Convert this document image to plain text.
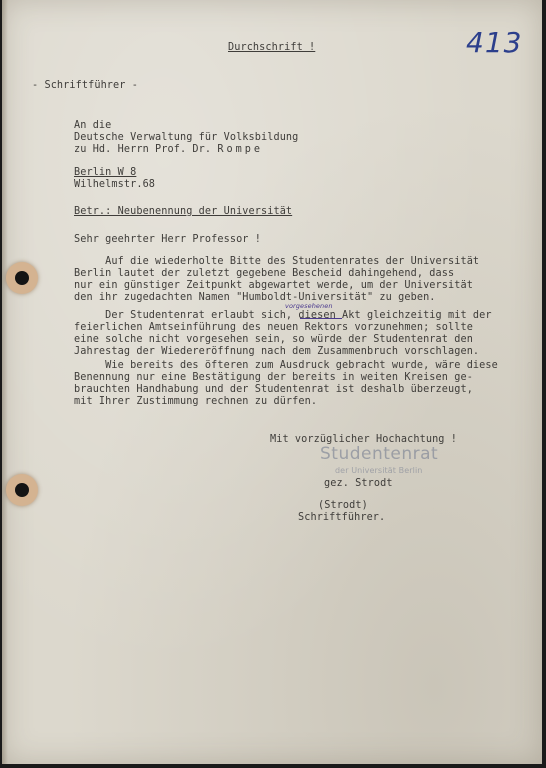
Durchschrift !	413
- Schriftführer -
An die
Deutsche Verwaltung für Volksbildung
zu Hd. Herrn Prof. Dr. Rompe
Berlin W 8
Wilhelmstr.68
Betr.: Neubenennung der Universität
Sehr geehrter Herr Professor !
Auf die wiederholte Bitte des Studentenrates der Universität
Berlin lautet der zuletzt gegebene Bescheid dahingehend, dass
nur ein günstiger Zeitpunkt abgewartet werde, um der Universität
den ihr zugedachten Namen "Humboldt-Universität" zu geben.
vorgesehenen
Der Studentenrat erlaubt sich, diesen Akt gleichzeitig mit der
feierlichen Amtseinführung des neuen Rektors vorzunehmen; sollte
eine solche nicht vorgesehen sein, so würde der Studentenrat den
Jahrestag der Wiedereröffnung nach dem Zusammenbruch vorschlagen.
Wie bereits des öfteren zum Ausdruck gebracht wurde, wäre diese
Benennung nur eine Bestätigung der bereits in weiten Kreisen ge-
brauchten Handhabung und der Studentenrat ist deshalb überzeugt,
mit Ihrer Zustimmung rechnen zu dürfen.
Mit vorzüglicher Hochachtung !
Studentenrat
der Universität Berlin
gez. Strodt
(Strodt)
Schriftführer.
